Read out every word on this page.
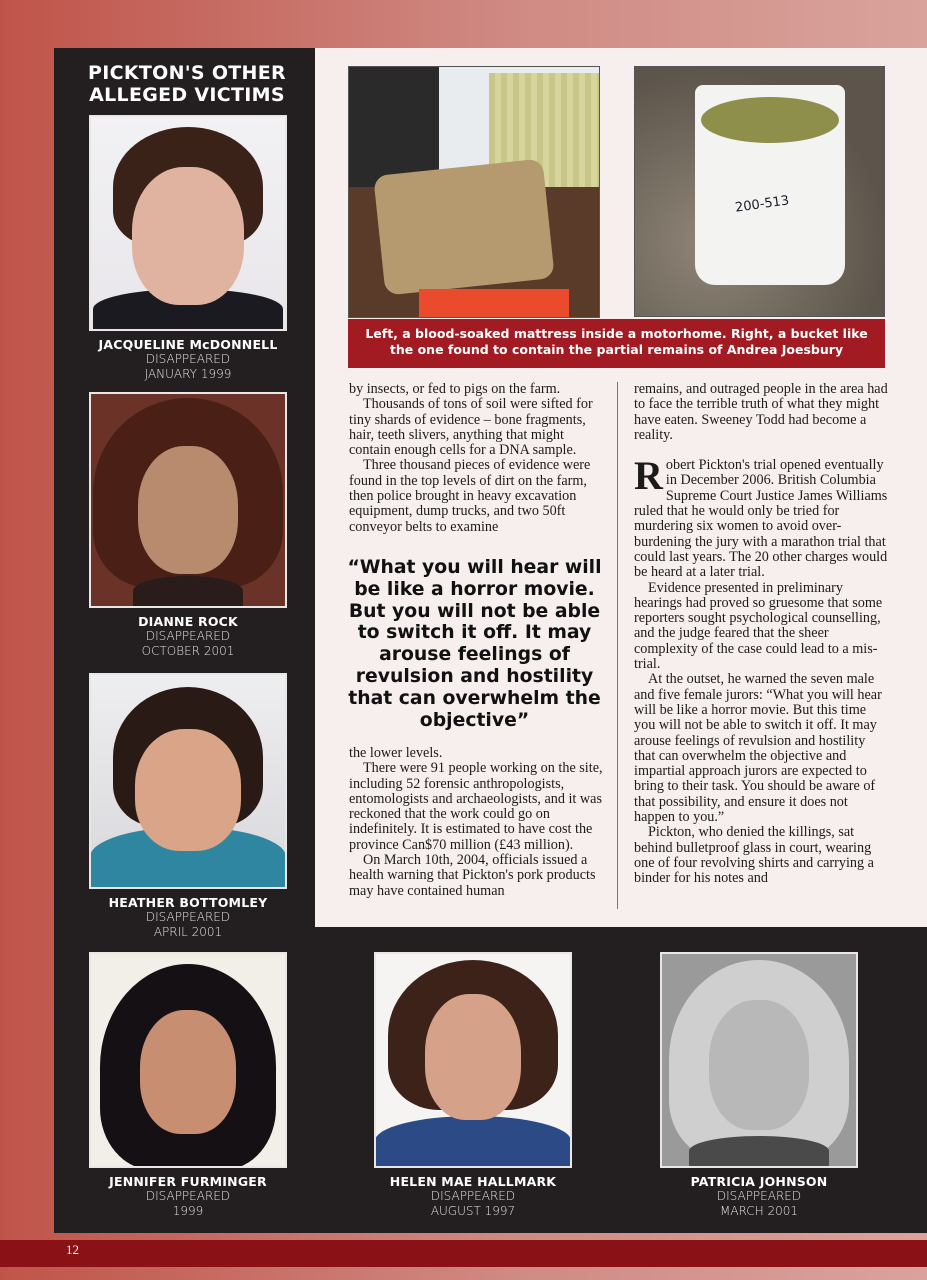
PICKTON'S OTHER
ALLEGED VICTIMS
JACQUELINE McDONNELL
DISAPPEARED
JANUARY 1999
DIANNE ROCK
DISAPPEARED
OCTOBER 2001
HEATHER BOTTOMLEY
DISAPPEARED
APRIL 2001
200-513
Left, a blood-soaked mattress inside a motorhome. Right, a bucket like the one found to contain the partial remains of Andrea Joesbury

by insects, or fed to pigs on the farm.

Thousands of tons of soil were sifted for tiny shards of evidence – bone fragments, hair, teeth slivers, anything that might contain enough cells for a DNA sample.

Three thousand pieces of evidence were found in the top levels of dirt on the farm, then police brought in heavy excavation equipment, dump trucks, and two 50ft conveyor belts to examine

“What you will hear will be like a horror movie. But you will not be able to switch it off. It may arouse feelings of revulsion and hostility that can overwhelm the objective”

the lower levels.

There were 91 people working on the site, including 52 forensic anthropologists, entomologists and archaeologists, and it was reckoned that the work could go on indefinitely. It is estimated to have cost the province Can$70 million (£43 million).

On March 10th, 2004, officials issued a health warning that Pickton's pork products may have contained human

remains, and outraged people in the area had to face the terrible truth of what they might have eaten. Sweeney Todd had become a reality.

Robert Pickton's trial opened eventually in December 2006. British Columbia Supreme Court Justice James Williams ruled that he would only be tried for murdering six women to avoid over-burdening the jury with a marathon trial that could last years. The 20 other charges would be heard at a later trial.

Evidence presented in preliminary hearings had proved so gruesome that some reporters sought psychological counselling, and the judge feared that the sheer complexity of the case could lead to a mis-trial.

At the outset, he warned the seven male and five female jurors: “What you will hear will be like a horror movie. But this time you will not be able to switch it off. It may arouse feelings of revulsion and hostility that can overwhelm the objective and impartial approach jurors are expected to bring to their task. You should be aware of that possibility, and ensure it does not happen to you.”

Pickton, who denied the killings, sat behind bulletproof glass in court, wearing one of four revolving shirts and carrying a binder for his notes and

JENNIFER FURMINGER
DISAPPEARED
1999
HELEN MAE HALLMARK
DISAPPEARED
AUGUST 1997
PATRICIA JOHNSON
DISAPPEARED
MARCH 2001
12
